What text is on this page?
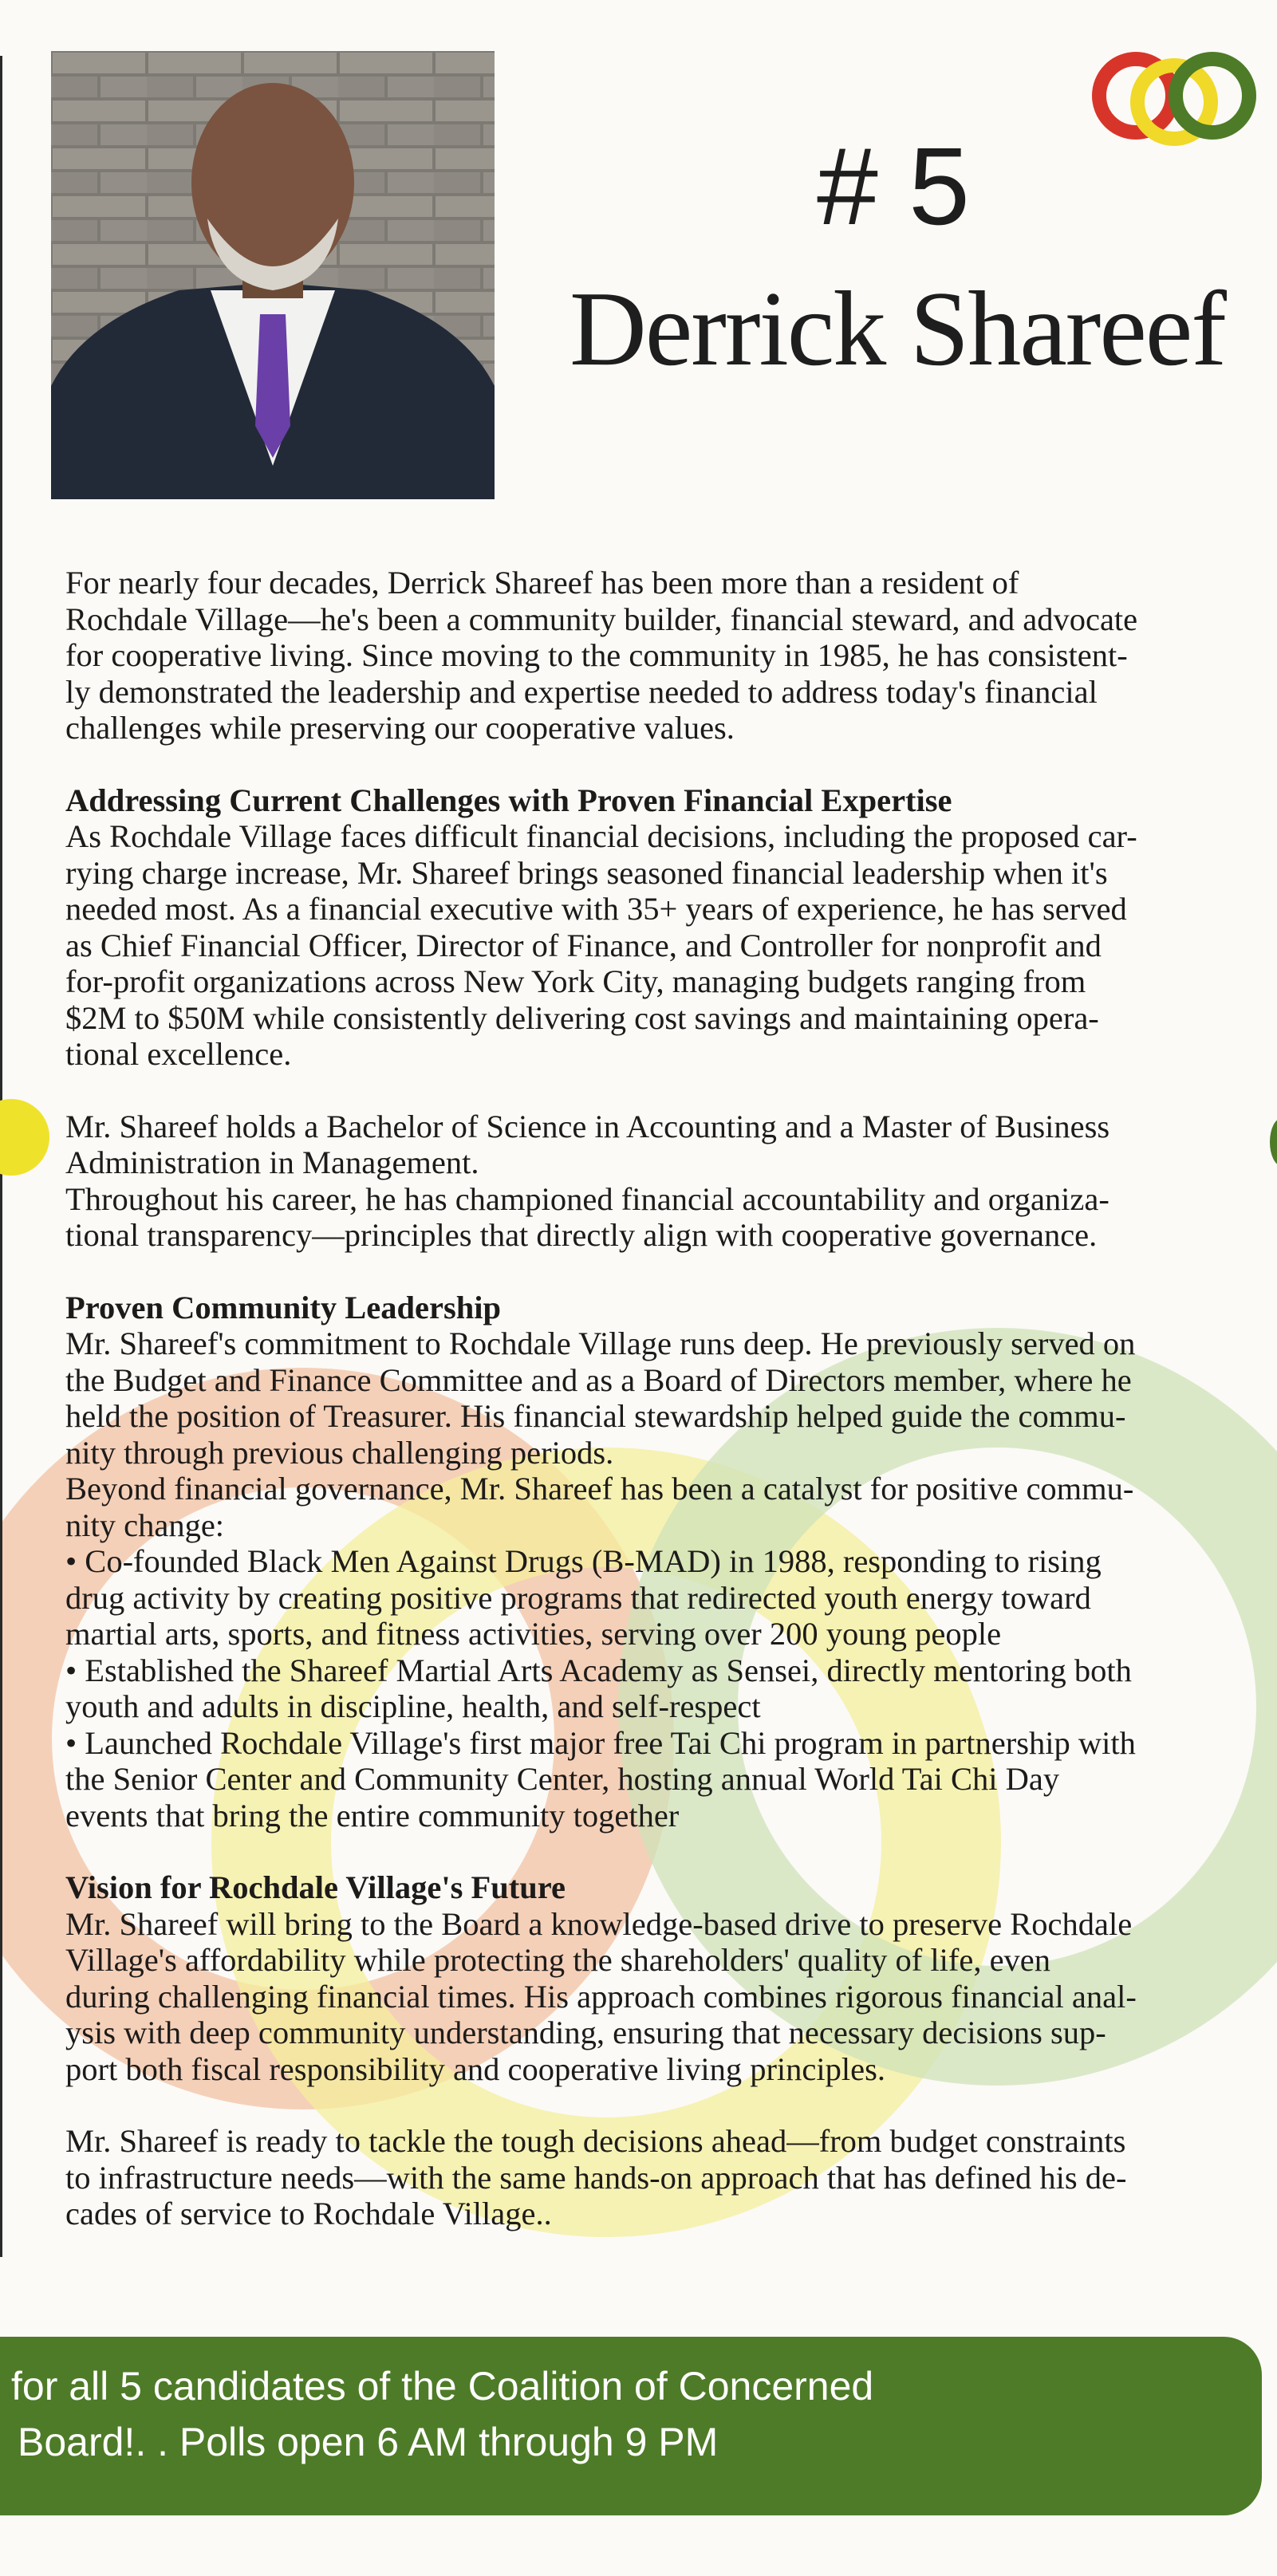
# 5
Derrick Shareef

For nearly four decades, Derrick Shareef has been more than a resident of

Rochdale Village—he's been a community builder, financial steward, and advocate

for cooperative living. Since moving to the community in 1985, he has consistent-

ly demonstrated the leadership and expertise needed to address today's financial

challenges while preserving our cooperative values.

Addressing Current Challenges with Proven Financial Expertise

As Rochdale Village faces difficult financial decisions, including the proposed car-

rying charge increase, Mr. Shareef brings seasoned financial leadership when it's

needed most. As a financial executive with 35+ years of experience, he has served

as Chief Financial Officer, Director of Finance, and Controller for nonprofit and

for-profit organizations across New York City, managing budgets ranging from

$2M to $50M while consistently delivering cost savings and maintaining opera-

tional excellence.

Mr. Shareef holds a Bachelor of Science in Accounting and a Master of Business

Administration in Management.

Throughout his career, he has championed financial accountability and organiza-

tional transparency—principles that directly align with cooperative governance.

Proven Community Leadership

Mr. Shareef's commitment to Rochdale Village runs deep. He previously served on

the Budget and Finance Committee and as a Board of Directors member, where he

held the position of Treasurer. His financial stewardship helped guide the commu-

nity through previous challenging periods.

Beyond financial governance, Mr. Shareef has been a catalyst for positive commu-

nity change:

• Co-founded Black Men Against Drugs (B-MAD) in 1988, responding to rising

drug activity by creating positive programs that redirected youth energy toward

martial arts, sports, and fitness activities, serving over 200 young people

• Established the Shareef Martial Arts Academy as Sensei, directly mentoring both

youth and adults in discipline, health, and self-respect

• Launched Rochdale Village's first major free Tai Chi program in partnership with

the Senior Center and Community Center, hosting annual World Tai Chi Day

events that bring the entire community together

Vision for Rochdale Village's Future

Mr. Shareef will bring to the Board a knowledge-based drive to preserve Rochdale

Village's affordability while protecting the shareholders' quality of life, even

during challenging financial times. His approach combines rigorous financial anal-

ysis with deep community understanding, ensuring that necessary decisions sup-

port both fiscal responsibility and cooperative living principles.

Mr. Shareef is ready to tackle the tough decisions ahead—from budget constraints

to infrastructure needs—with the same hands-on approach that has defined his de-

cades of service to Rochdale Village..

for all 5 candidates of the Coalition of Concerned
Board!. . Polls open 6 AM through 9 PM
